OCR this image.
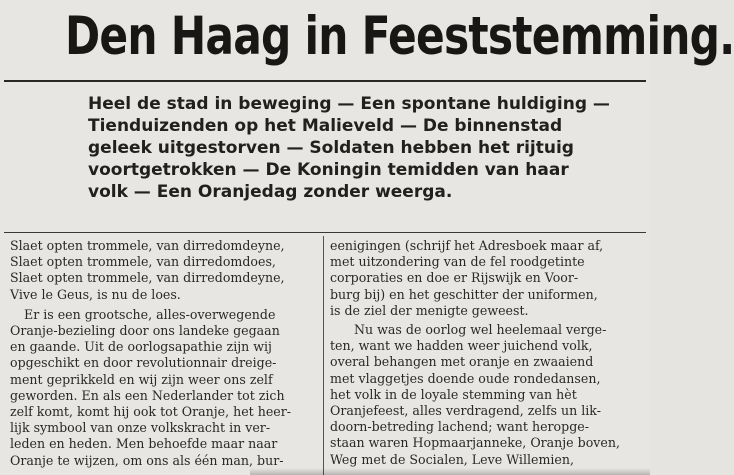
Den Haag in Feeststemming.
Heel de stad in beweging — Een spontane huldiging —
Tienduizenden op het Malieveld — De binnenstad
geleek uitgestorven — Soldaten hebben het rijtuig
voortgetrokken — De Koningin temidden van haar
volk — Een Oranjedag zonder weerga.
Slaet opten trommele, van dirredomdeyne,
Slaet opten trommele, van dirredomdoes,
Slaet opten trommele, van dirredomdeyne,
Vive le Geus, is nu de loes.
Er is een grootsche, alles-overwegende
Oranje-bezieling door ons landeke gegaan
en gaande. Uit de oorlogsapathie zijn wij
opgeschikt en door revolutionnair dreige-
ment geprikkeld en wij zijn weer ons zelf
geworden. En als een Nederlander tot zich
zelf komt, komt hij ook tot Oranje, het heer-
lijk symbool van onze volkskracht in ver-
leden en heden. Men behoefde maar naar
Oranje te wijzen, om ons als één man, bur-
eenigingen (schrijf het Adresboek maar af,
met uitzondering van de fel roodgetinte
corporaties en doe er Rijswijk en Voor-
burg bij) en het geschitter der uniformen,
is de ziel der menigte geweest.
Nu was de oorlog wel heelemaal verge-
ten, want we hadden weer juichend volk,
overal behangen met oranje en zwaaiend
met vlaggetjes doende oude rondedansen,
het volk in de loyale stemming van hèt
Oranjefeest, alles verdragend, zelfs un lik-
doorn-betreding lachend; want heropge-
staan waren Hopmaarjanneke, Oranje boven,
Weg met de Socialen, Leve Willemien,
